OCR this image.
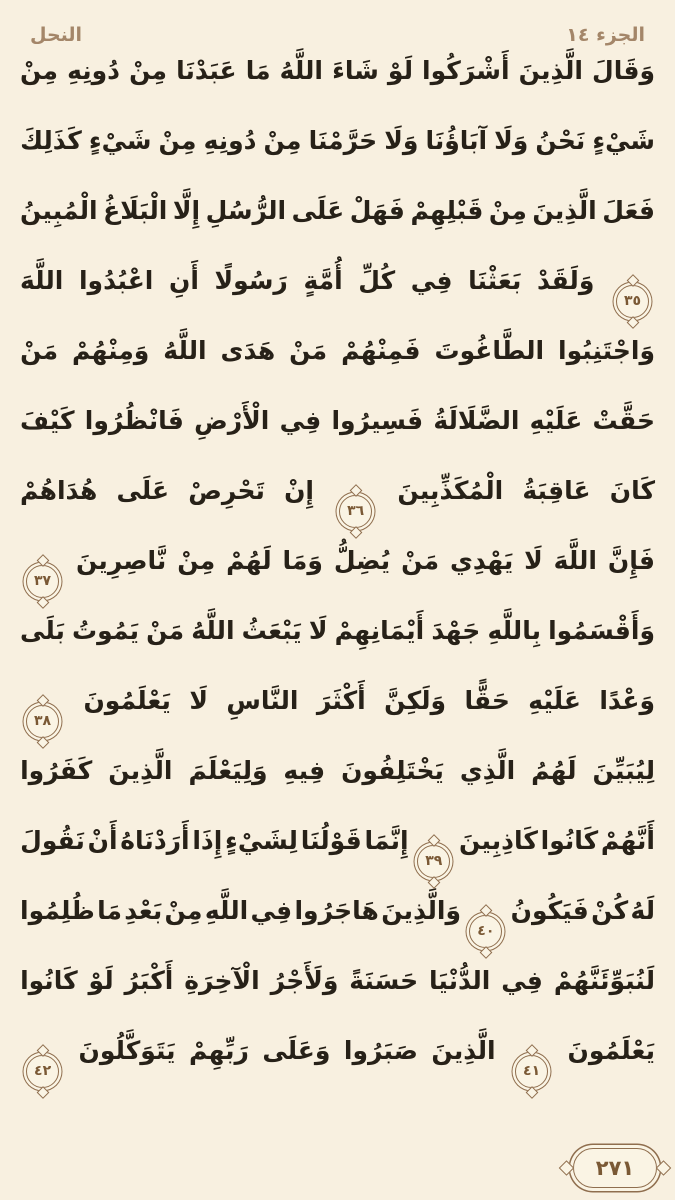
الجزء ١٤
النحل
وَقَالَ
الَّذِينَ
أَشْرَكُوا
لَوْ
شَاءَ
اللَّهُ
مَا
عَبَدْنَا
مِنْ
دُونِهِ
مِنْ
شَيْءٍ
نَحْنُ
وَلَا
آبَاؤُنَا
وَلَا
حَرَّمْنَا
مِنْ
دُونِهِ
مِنْ
شَيْءٍ
كَذَلِكَ
فَعَلَ
الَّذِينَ
مِنْ
قَبْلِهِمْ
فَهَلْ
عَلَى
الرُّسُلِ
إِلَّا
الْبَلَاغُ
الْمُبِينُ
٣٥
وَلَقَدْ
بَعَثْنَا
فِي
كُلِّ
أُمَّةٍ
رَسُولًا
أَنِ
اعْبُدُوا
اللَّهَ
وَاجْتَنِبُوا
الطَّاغُوتَ
فَمِنْهُمْ
مَنْ
هَدَى
اللَّهُ
وَمِنْهُمْ
مَنْ
حَقَّتْ
عَلَيْهِ
الضَّلَالَةُ
فَسِيرُوا
فِي
الْأَرْضِ
فَانْظُرُوا
كَيْفَ
كَانَ
عَاقِبَةُ
الْمُكَذِّبِينَ
٣٦
إِنْ
تَحْرِصْ
عَلَى
هُدَاهُمْ
فَإِنَّ
اللَّهَ
لَا
يَهْدِي
مَنْ
يُضِلُّ
وَمَا
لَهُمْ
مِنْ
نَّاصِرِينَ
٣٧
وَأَقْسَمُوا
بِاللَّهِ
جَهْدَ
أَيْمَانِهِمْ
لَا
يَبْعَثُ
اللَّهُ
مَنْ
يَمُوتُ
بَلَى
وَعْدًا
عَلَيْهِ
حَقًّا
وَلَكِنَّ
أَكْثَرَ
النَّاسِ
لَا
يَعْلَمُونَ
٣٨
لِيُبَيِّنَ
لَهُمُ
الَّذِي
يَخْتَلِفُونَ
فِيهِ
وَلِيَعْلَمَ
الَّذِينَ
كَفَرُوا
أَنَّهُمْ
كَانُوا
كَاذِبِينَ
٣٩
إِنَّمَا
قَوْلُنَا
لِشَيْءٍ
إِذَا
أَرَدْنَاهُ
أَنْ
نَقُولَ
لَهُ
كُنْ
فَيَكُونُ
٤٠
وَالَّذِينَ
هَاجَرُوا
فِي
اللَّهِ
مِنْ
بَعْدِ
مَا
ظُلِمُوا
لَنُبَوِّئَنَّهُمْ
فِي
الدُّنْيَا
حَسَنَةً
وَلَأَجْرُ
الْآخِرَةِ
أَكْبَرُ
لَوْ
كَانُوا
يَعْلَمُونَ
٤١
الَّذِينَ
صَبَرُوا
وَعَلَى
رَبِّهِمْ
يَتَوَكَّلُونَ
٤٢
٢٧١
